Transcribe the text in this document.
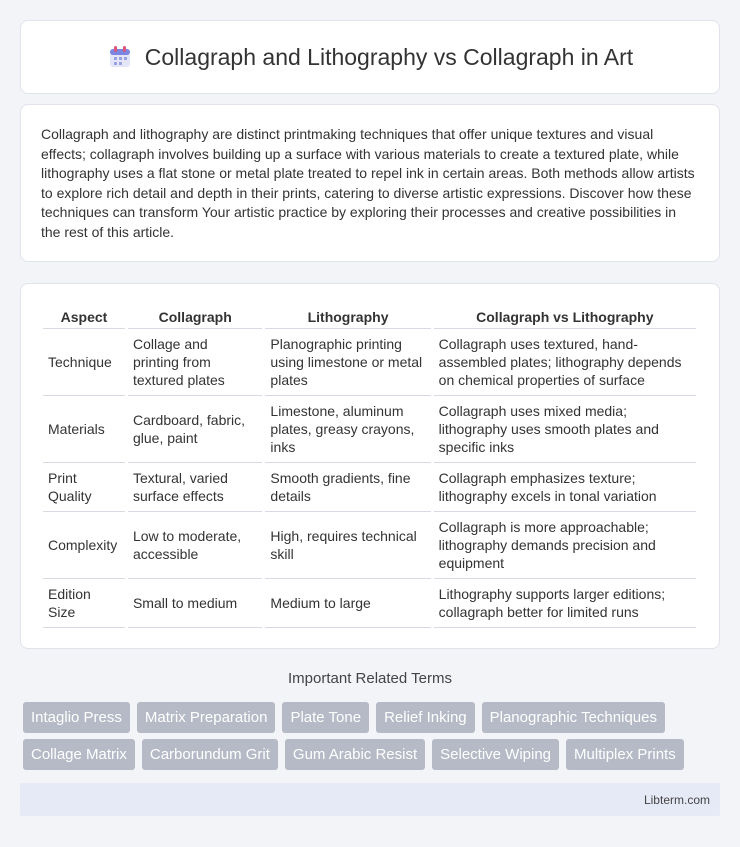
Collagraph and Lithography vs Collagraph in Art

Collagraph and lithography are distinct printmaking techniques that offer unique textures and visual effects; collagraph involves building up a surface with various materials to create a textured plate, while lithography uses a flat stone or metal plate treated to repel ink in certain areas. Both methods allow artists to explore rich detail and depth in their prints, catering to diverse artistic expressions. Discover how these techniques can transform Your artistic practice by exploring their processes and creative possibilities in the rest of this article.

Aspect	Collagraph	Lithography	Collagraph vs Lithography
Technique	Collage and printing from textured plates	Planographic printing using limestone or metal plates	Collagraph uses textured, hand-assembled plates; lithography depends on chemical properties of surface
Materials	Cardboard, fabric, glue, paint	Limestone, aluminum plates, greasy crayons, inks	Collagraph uses mixed media; lithography uses smooth plates and specific inks
Print Quality	Textural, varied surface effects	Smooth gradients, fine details	Collagraph emphasizes texture; lithography excels in tonal variation
Complexity	Low to moderate, accessible	High, requires technical skill	Collagraph is more approachable; lithography demands precision and equipment
Edition Size	Small to medium	Medium to large	Lithography supports larger editions; collagraph better for limited runs
Important Related Terms
Intaglio Press	Matrix Preparation	Plate Tone	Relief Inking	Planographic Techniques
Collage Matrix	Carborundum Grit	Gum Arabic Resist	Selective Wiping	Multiplex Prints
Libterm.com
